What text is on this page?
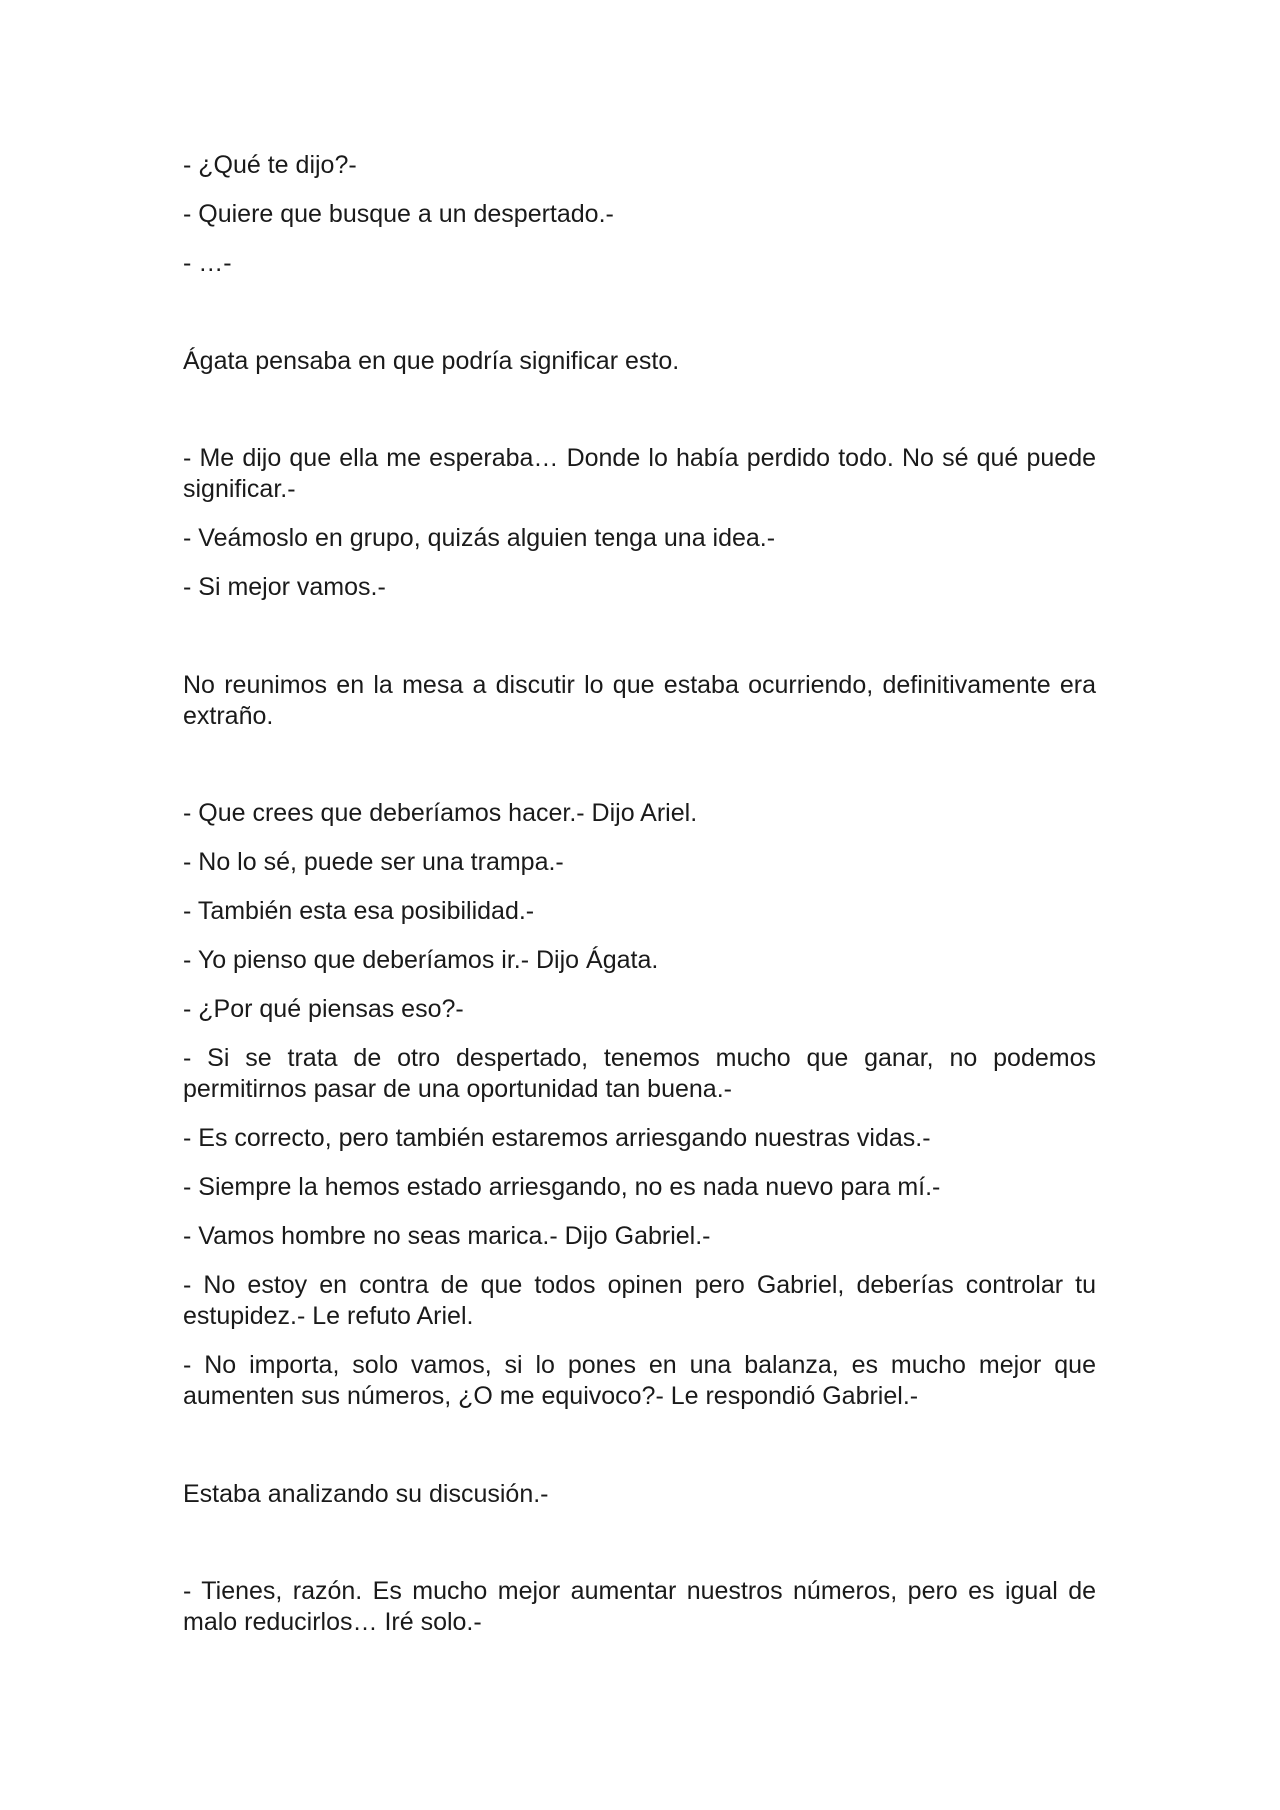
- ¿Qué te dijo?-

- Quiere que busque a un despertado.-

- …-

Ágata pensaba en que podría significar esto.

- Me dijo que ella me esperaba… Donde lo había perdido todo. No sé qué puede significar.-

- Veámoslo en grupo, quizás alguien tenga una idea.-

- Si mejor vamos.-

No reunimos en la mesa a discutir lo que estaba ocurriendo, definitivamente era extraño.

- Que crees que deberíamos hacer.- Dijo Ariel.

- No lo sé, puede ser una trampa.-

- También esta esa posibilidad.-

- Yo pienso que deberíamos ir.- Dijo Ágata.

- ¿Por qué piensas eso?-

- Si se trata de otro despertado, tenemos mucho que ganar, no podemos permitirnos pasar de una oportunidad tan buena.-

- Es correcto, pero también estaremos arriesgando nuestras vidas.-

- Siempre la hemos estado arriesgando, no es nada nuevo para mí.-

- Vamos hombre no seas marica.- Dijo Gabriel.-

- No estoy en contra de que todos opinen pero Gabriel, deberías controlar tu estupidez.- Le refuto Ariel.

- No importa, solo vamos, si lo pones en una balanza, es mucho mejor que aumenten sus números, ¿O me equivoco?- Le respondió Gabriel.-

Estaba analizando su discusión.-

- Tienes, razón. Es mucho mejor aumentar nuestros números, pero es igual de malo reducirlos… Iré solo.-
